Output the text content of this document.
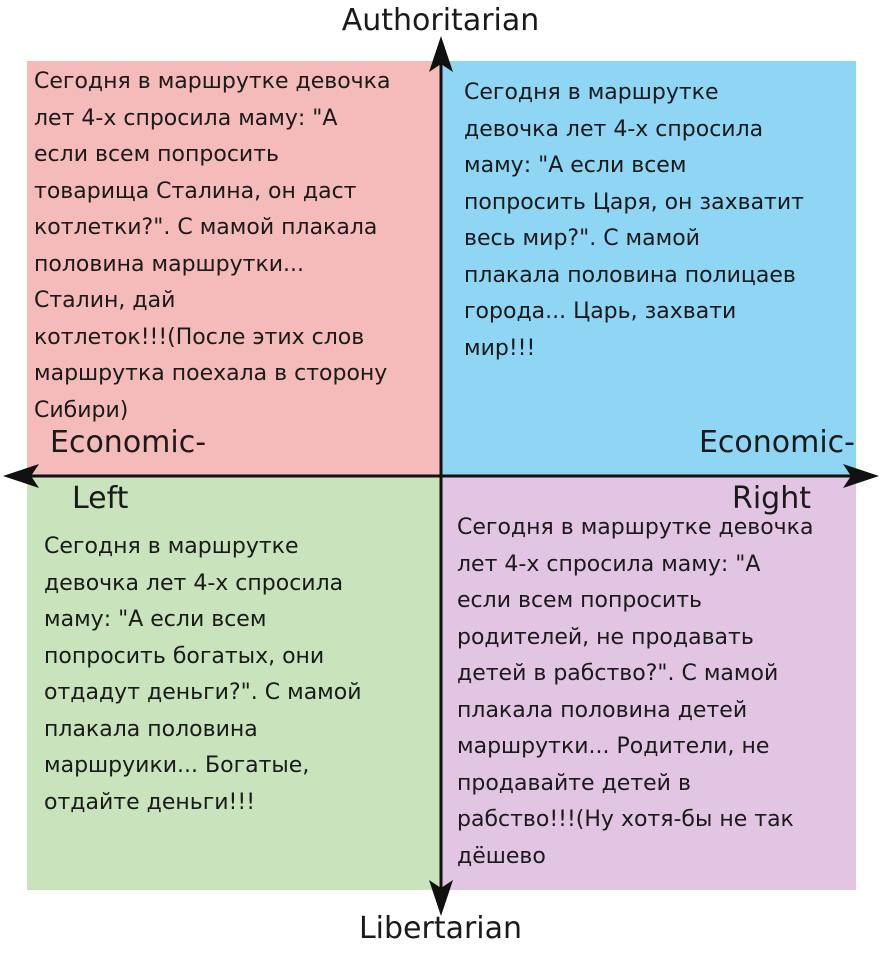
Сегодня в маршрутке девочка
лет 4-х спросила маму: "А
если всем попросить
товарища Сталина, он даст
котлетки?". С мамой плакала
половина маршрутки...
Сталин, дай
котлеток!!!(После этих слов
маршрутка поехала в сторону
Сибири)
Сегодня в маршрутке
девочка лет 4-х спросила
маму: "А если всем
попросить Царя, он захватит
весь мир?". С мамой
плакала половина полицаев
города... Царь, захвати
мир!!!
Сегодня в маршрутке
девочка лет 4-х спросила
маму: "А если всем
попросить богатых, они
отдадут деньги?". С мамой
плакала половина
маршруики... Богатые,
отдайте деньги!!!
Сегодня в маршрутке девочка
лет 4-х спросила маму: "А
если всем попросить
родителей, не продавать
детей в рабство?". С мамой
плакала половина детей
маршрутки... Родители, не
продавайте детей в
рабство!!!(Ну хотя-бы не так
дёшево
Authoritarian
Libertarian
Economic-
Left
Economic-
Right
